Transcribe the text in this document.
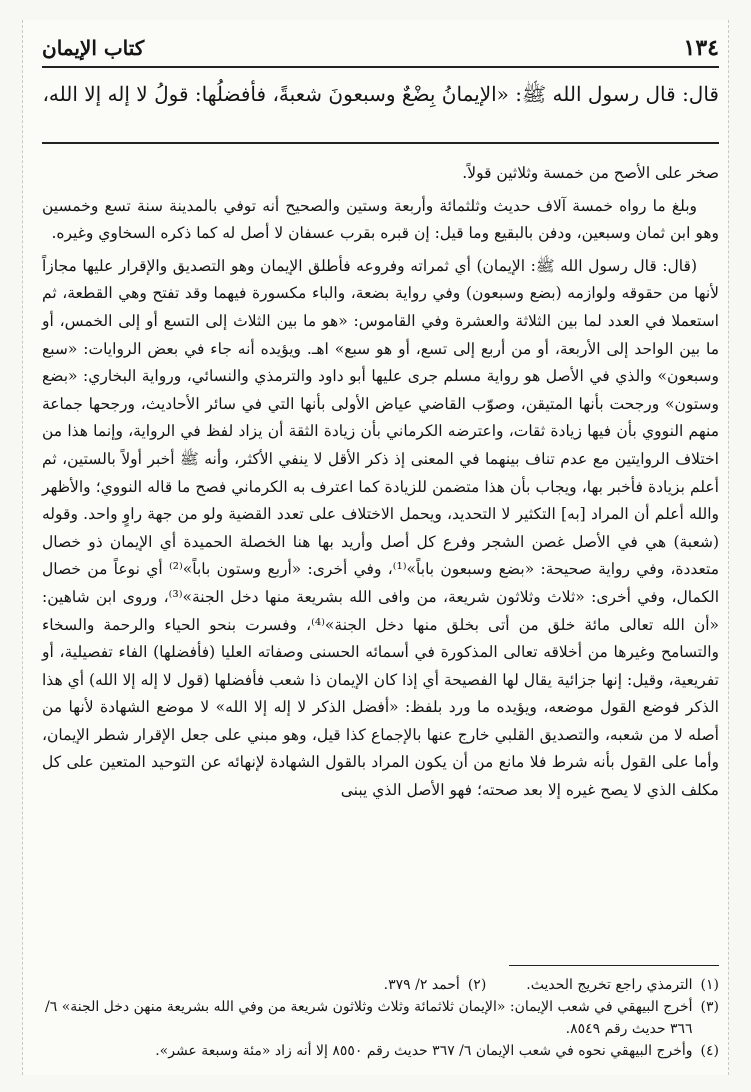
١٣٤
كتاب الإيمان
قال: قال رسول الله ﷺ: «الإيمانُ بِضْعٌ وسبعونَ شعبةً، فأفضلُها: قولُ لا إله إلا الله،

صخر على الأصح من خمسة وثلاثين قولاً.

وبلغ ما رواه خمسة آلاف حديث وثلثمائة وأربعة وستين والصحيح أنه توفي بالمدينة سنة تسع وخمسين وهو ابن ثمان وسبعين، ودفن بالبقيع وما قيل: إن قبره بقرب عسفان لا أصل له كما ذكره السخاوي وغيره.

(قال: قال رسول الله ﷺ: الإيمان) أي ثمراته وفروعه فأطلق الإيمان وهو التصديق والإقرار عليها مجازاً لأنها من حقوقه ولوازمه (بضع وسبعون) وفي رواية بضعة، والباء مكسورة فيهما وقد تفتح وهي القطعة، ثم استعملا في العدد لما بين الثلاثة والعشرة وفي القاموس: «هو ما بين الثلاث إلى التسع أو إلى الخمس، أو ما بين الواحد إلى الأربعة، أو من أربع إلى تسع، أو هو سبع» اهـ. ويؤيده أنه جاء في بعض الروايات: «سبع وسبعون» والذي في الأصل هو رواية مسلم جرى عليها أبو داود والترمذي والنسائي، ورواية البخاري: «بضع وستون» ورجحت بأنها المتيقن، وصوّب القاضي عياض الأولى بأنها التي في سائر الأحاديث، ورجحها جماعة منهم النووي بأن فيها زيادة ثقات، واعترضه الكرماني بأن زيادة الثقة أن يزاد لفظ في الرواية، وإنما هذا من اختلاف الروايتين مع عدم تناف بينهما في المعنى إذ ذكر الأقل لا ينفي الأكثر، وأنه ﷺ أخبر أولاً بالستين، ثم أعلم بزيادة فأخبر بها، ويجاب بأن هذا متضمن للزيادة كما اعترف به الكرماني فصح ما قاله النووي؛ والأظهر والله أعلم أن المراد [به] التكثير لا التحديد، ويحمل الاختلاف على تعدد القضية ولو من جهة راوٍ واحد. وقوله (شعبة) هي في الأصل غصن الشجر وفرع كل أصل وأريد بها هنا الخصلة الحميدة أي الإيمان ذو خصال متعددة، وفي رواية صحيحة: «بضع وسبعون باباً»⁽¹⁾، وفي أخرى: «أربع وستون باباً»⁽²⁾ أي نوعاً من خصال الكمال، وفي أخرى: «ثلاث وثلاثون شريعة، من وافى الله بشريعة منها دخل الجنة»⁽³⁾، وروى ابن شاهين: «أن الله تعالى مائة خلق من أتى بخلق منها دخل الجنة»⁽⁴⁾، وفسرت بنحو الحياء والرحمة والسخاء والتسامح وغيرها من أخلاقه تعالى المذكورة في أسمائه الحسنى وصفاته العليا (فأفضلها) الفاء تفصيلية، أو تفريعية، وقيل: إنها جزائية يقال لها الفصيحة أي إذا كان الإيمان ذا شعب فأفضلها (قول لا إله إلا الله) أي هذا الذكر فوضع القول موضعه، ويؤيده ما ورد بلفظ: «أفضل الذكر لا إله إلا الله» لا موضع الشهادة لأنها من أصله لا من شعبه، والتصديق القلبي خارج عنها بالإجماع كذا قيل، وهو مبني على جعل الإقرار شطر الإيمان، وأما على القول بأنه شرط فلا مانع من أن يكون المراد بالقول الشهادة لإنهائه عن التوحيد المتعين على كل مكلف الذي لا يصح غيره إلا بعد صحته؛ فهو الأصل الذي يبنى

(١)
الترمذي راجع تخريج الحديث.
(٢)
أحمد ٢/ ٣٧٩.
(٣)
أخرج البيهقي في شعب الإيمان: «الإيمان ثلاثمائة وثلاث وثلاثون شريعة من وفي الله بشريعة منهن دخل الجنة» ٦/ ٣٦٦ حديث رقم ٨٥٤٩.
(٤)
وأخرج البيهقي نحوه في شعب الإيمان ٦/ ٣٦٧ حديث رقم ٨٥٥٠ إلا أنه زاد «مئة وسبعة عشر».
